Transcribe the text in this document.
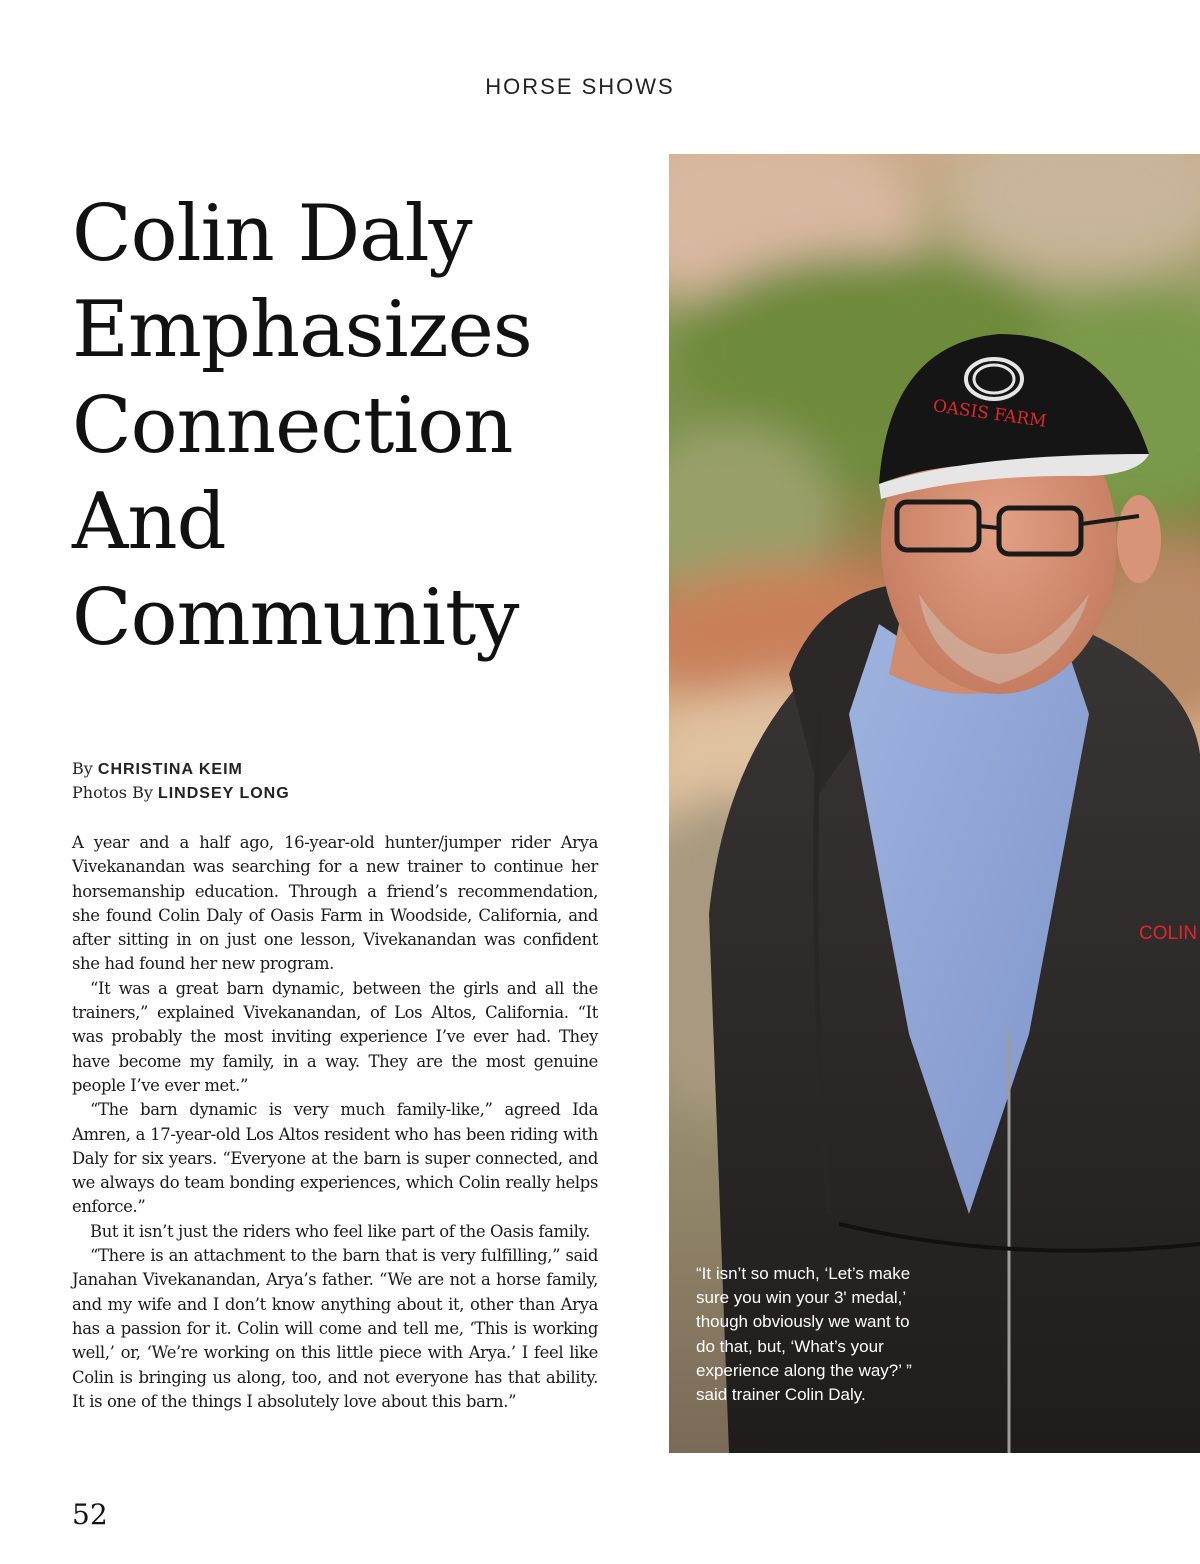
HORSE SHOWS
Colin Daly
Emphasizes
Connection
And
Community
By CHRISTINA KEIM
Photos By LINDSEY LONG

A year and a half ago, 16-year-old hunter/jumper rider Arya Vivekanandan was searching for a new trainer to continue her horsemanship education. Through a friend’s recommendation, she found Colin Daly of Oasis Farm in Woodside, California, and after sitting in on just one lesson, Vivekanandan was confident she had found her new program.

“It was a great barn dynamic, between the girls and all the trainers,” explained Vivekanandan, of Los Altos, California. “It was probably the most inviting experience I’ve ever had. They have become my family, in a way. They are the most genuine people I’ve ever met.”

“The barn dynamic is very much family-like,” agreed Ida Amren, a 17-year-old Los Altos resident who has been riding with Daly for six years. “Everyone at the barn is super connected, and we always do team bonding experiences, which Colin really helps enforce.”

But it isn’t just the riders who feel like part of the Oasis family.

“There is an attachment to the barn that is very fulfilling,” said Janahan Vivekanandan, Arya’s father. “We are not a horse family, and my wife and I don’t know anything about it, other than Arya has a passion for it. Colin will come and tell me, ‘This is working well,’ or, ‘We’re working on this little piece with Arya.’ I feel like Colin is bringing us along, too, and not everyone has that ability. It is one of the things I absolutely love about this barn.”

52
OASIS FARM
COLIN
“It isn’t so much, ‘Let’s make sure you win your 3' medal,’ though obviously we want to do that, but, ‘What’s your experience along the way?’ ” said trainer Colin Daly.
